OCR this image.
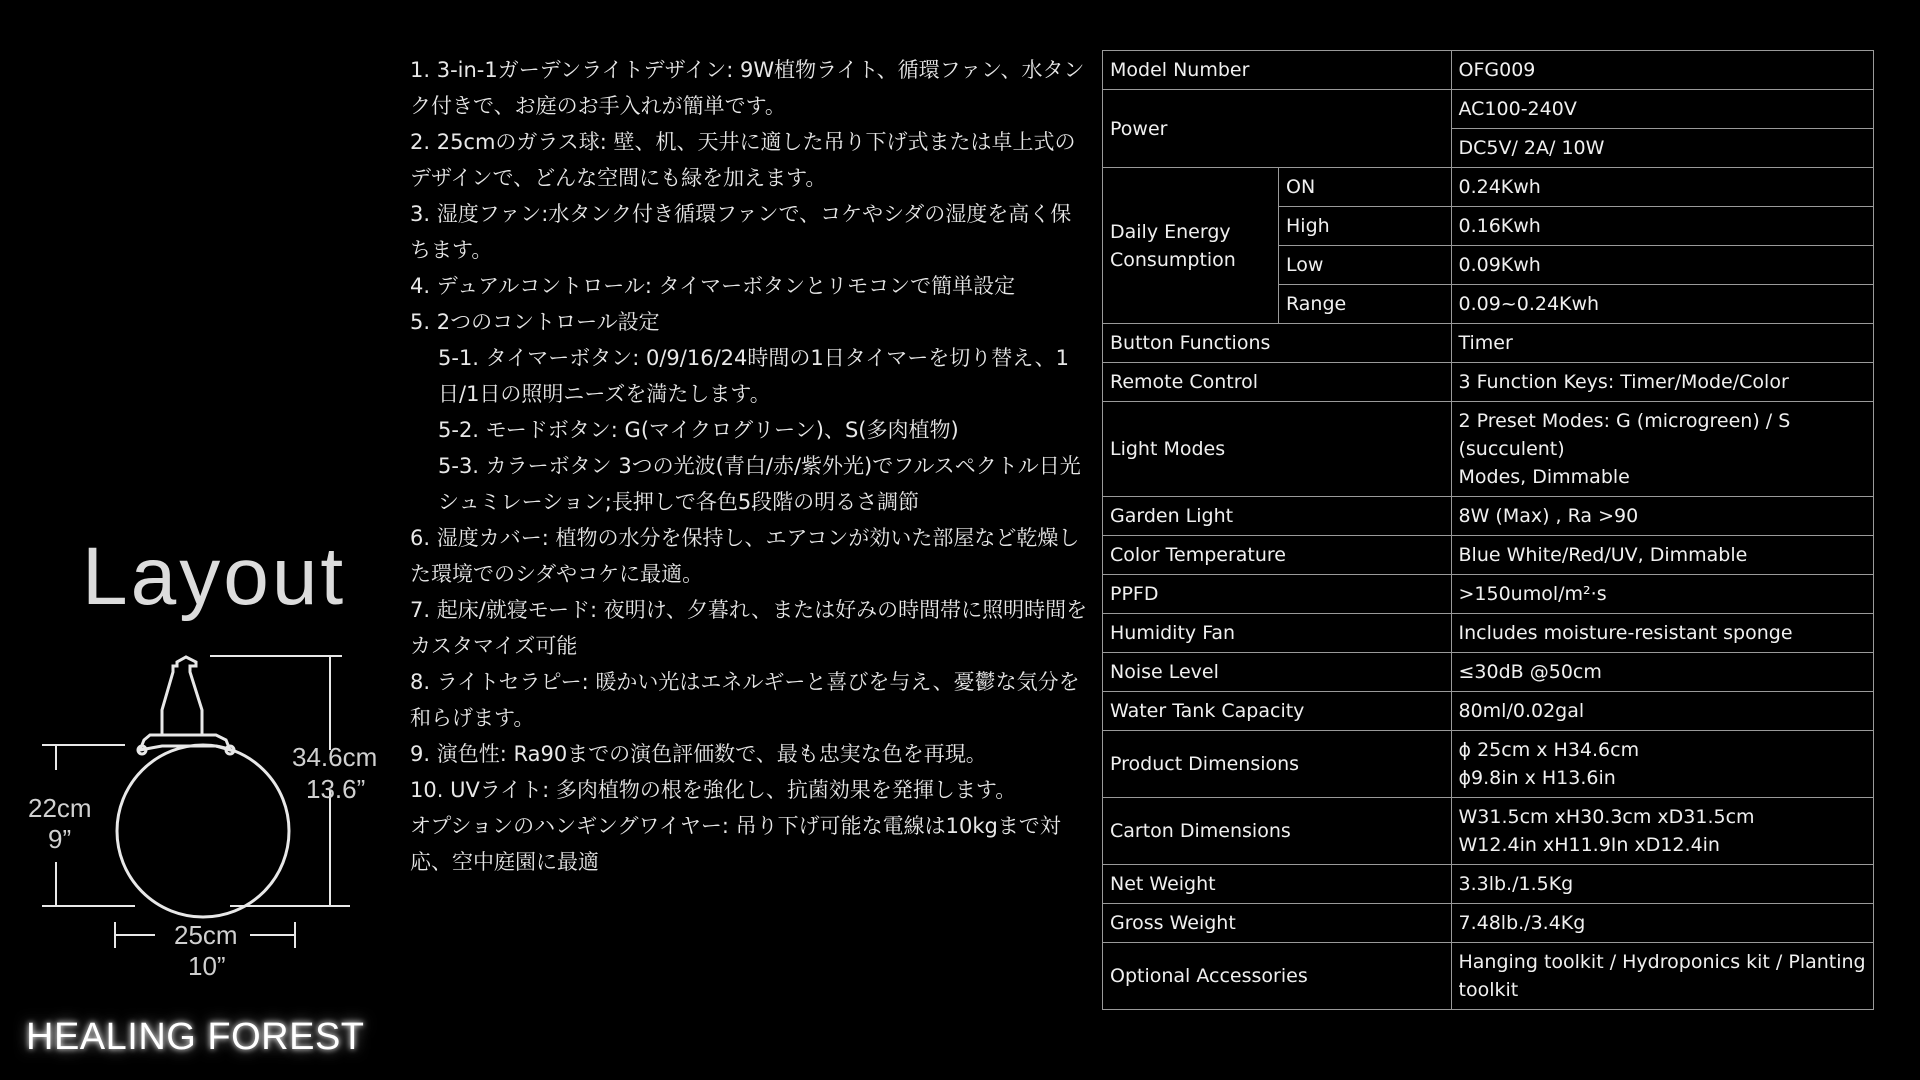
Layout
34.6cm
13.6”
22cm
9”
25cm
10”
HEALING FOREST
1. 3-in-1ガーデンライトデザイン: 9W植物ライト、循環ファン、水タンク付きで、お庭のお手入れが簡単です。
2. 25cmのガラス球: 壁、机、天井に適した吊り下げ式または卓上式のデザインで、どんな空間にも緑を加えます。
3. 湿度ファン:水タンク付き循環ファンで、コケやシダの湿度を高く保ちます。
4. デュアルコントロール: タイマーボタンとリモコンで簡単設定
5. 2つのコントロール設定
5-1. タイマーボタン: 0/9/16/24時間の1日タイマーを切り替え、1日/1日の照明ニーズを満たします。
5-2. モードボタン: G(マイクログリーン)、S(多肉植物)
5-3. カラーボタン 3つの光波(青白/赤/紫外光)でフルスペクトル日光シュミレーション;長押しで各色5段階の明るさ調節
6. 湿度カバー: 植物の水分を保持し、エアコンが効いた部屋など乾燥した環境でのシダやコケに最適。
7. 起床/就寝モード: 夜明け、夕暮れ、または好みの時間帯に照明時間をカスタマイズ可能
8. ライトセラピー: 暖かい光はエネルギーと喜びを与え、憂鬱な気分を和らげます。
9. 演色性: Ra90までの演色評価数で、最も忠実な色を再現。
10. UVライト: 多肉植物の根を強化し、抗菌効果を発揮します。
オプションのハンギングワイヤー: 吊り下げ可能な電線は10kgまで対応、空中庭園に最適
Model Number		OFG009
Power		AC100-240V
		DC5V/ 2A/ 10W
Daily Energy Consumption	ON	0.24Kwh
	High	0.16Kwh
	Low	0.09Kwh
	Range	0.09~0.24Kwh
Button Functions		Timer
Remote Control		3 Function Keys: Timer/Mode/Color
Light Modes		2 Preset Modes: G (microgreen) / S (succulent)
Modes, Dimmable

Garden Light		8W (Max) , Ra >90
Color Temperature		Blue White/Red/UV, Dimmable
PPFD		>150umol/m²·s
Humidity Fan		Includes moisture-resistant sponge
Noise Level		≤30dB @50cm
Water Tank Capacity		80ml/0.02gal
Product Dimensions		ϕ 25cm x H34.6cm
ϕ9.8in x H13.6in

Carton Dimensions		W31.5cm xH30.3cm xD31.5cm
W12.4in xH11.9In xD12.4in

Net Weight		3.3lb./1.5Kg
Gross Weight		7.48lb./3.4Kg
Optional Accessories		Hanging toolkit / Hydroponics kit / Planting toolkit
